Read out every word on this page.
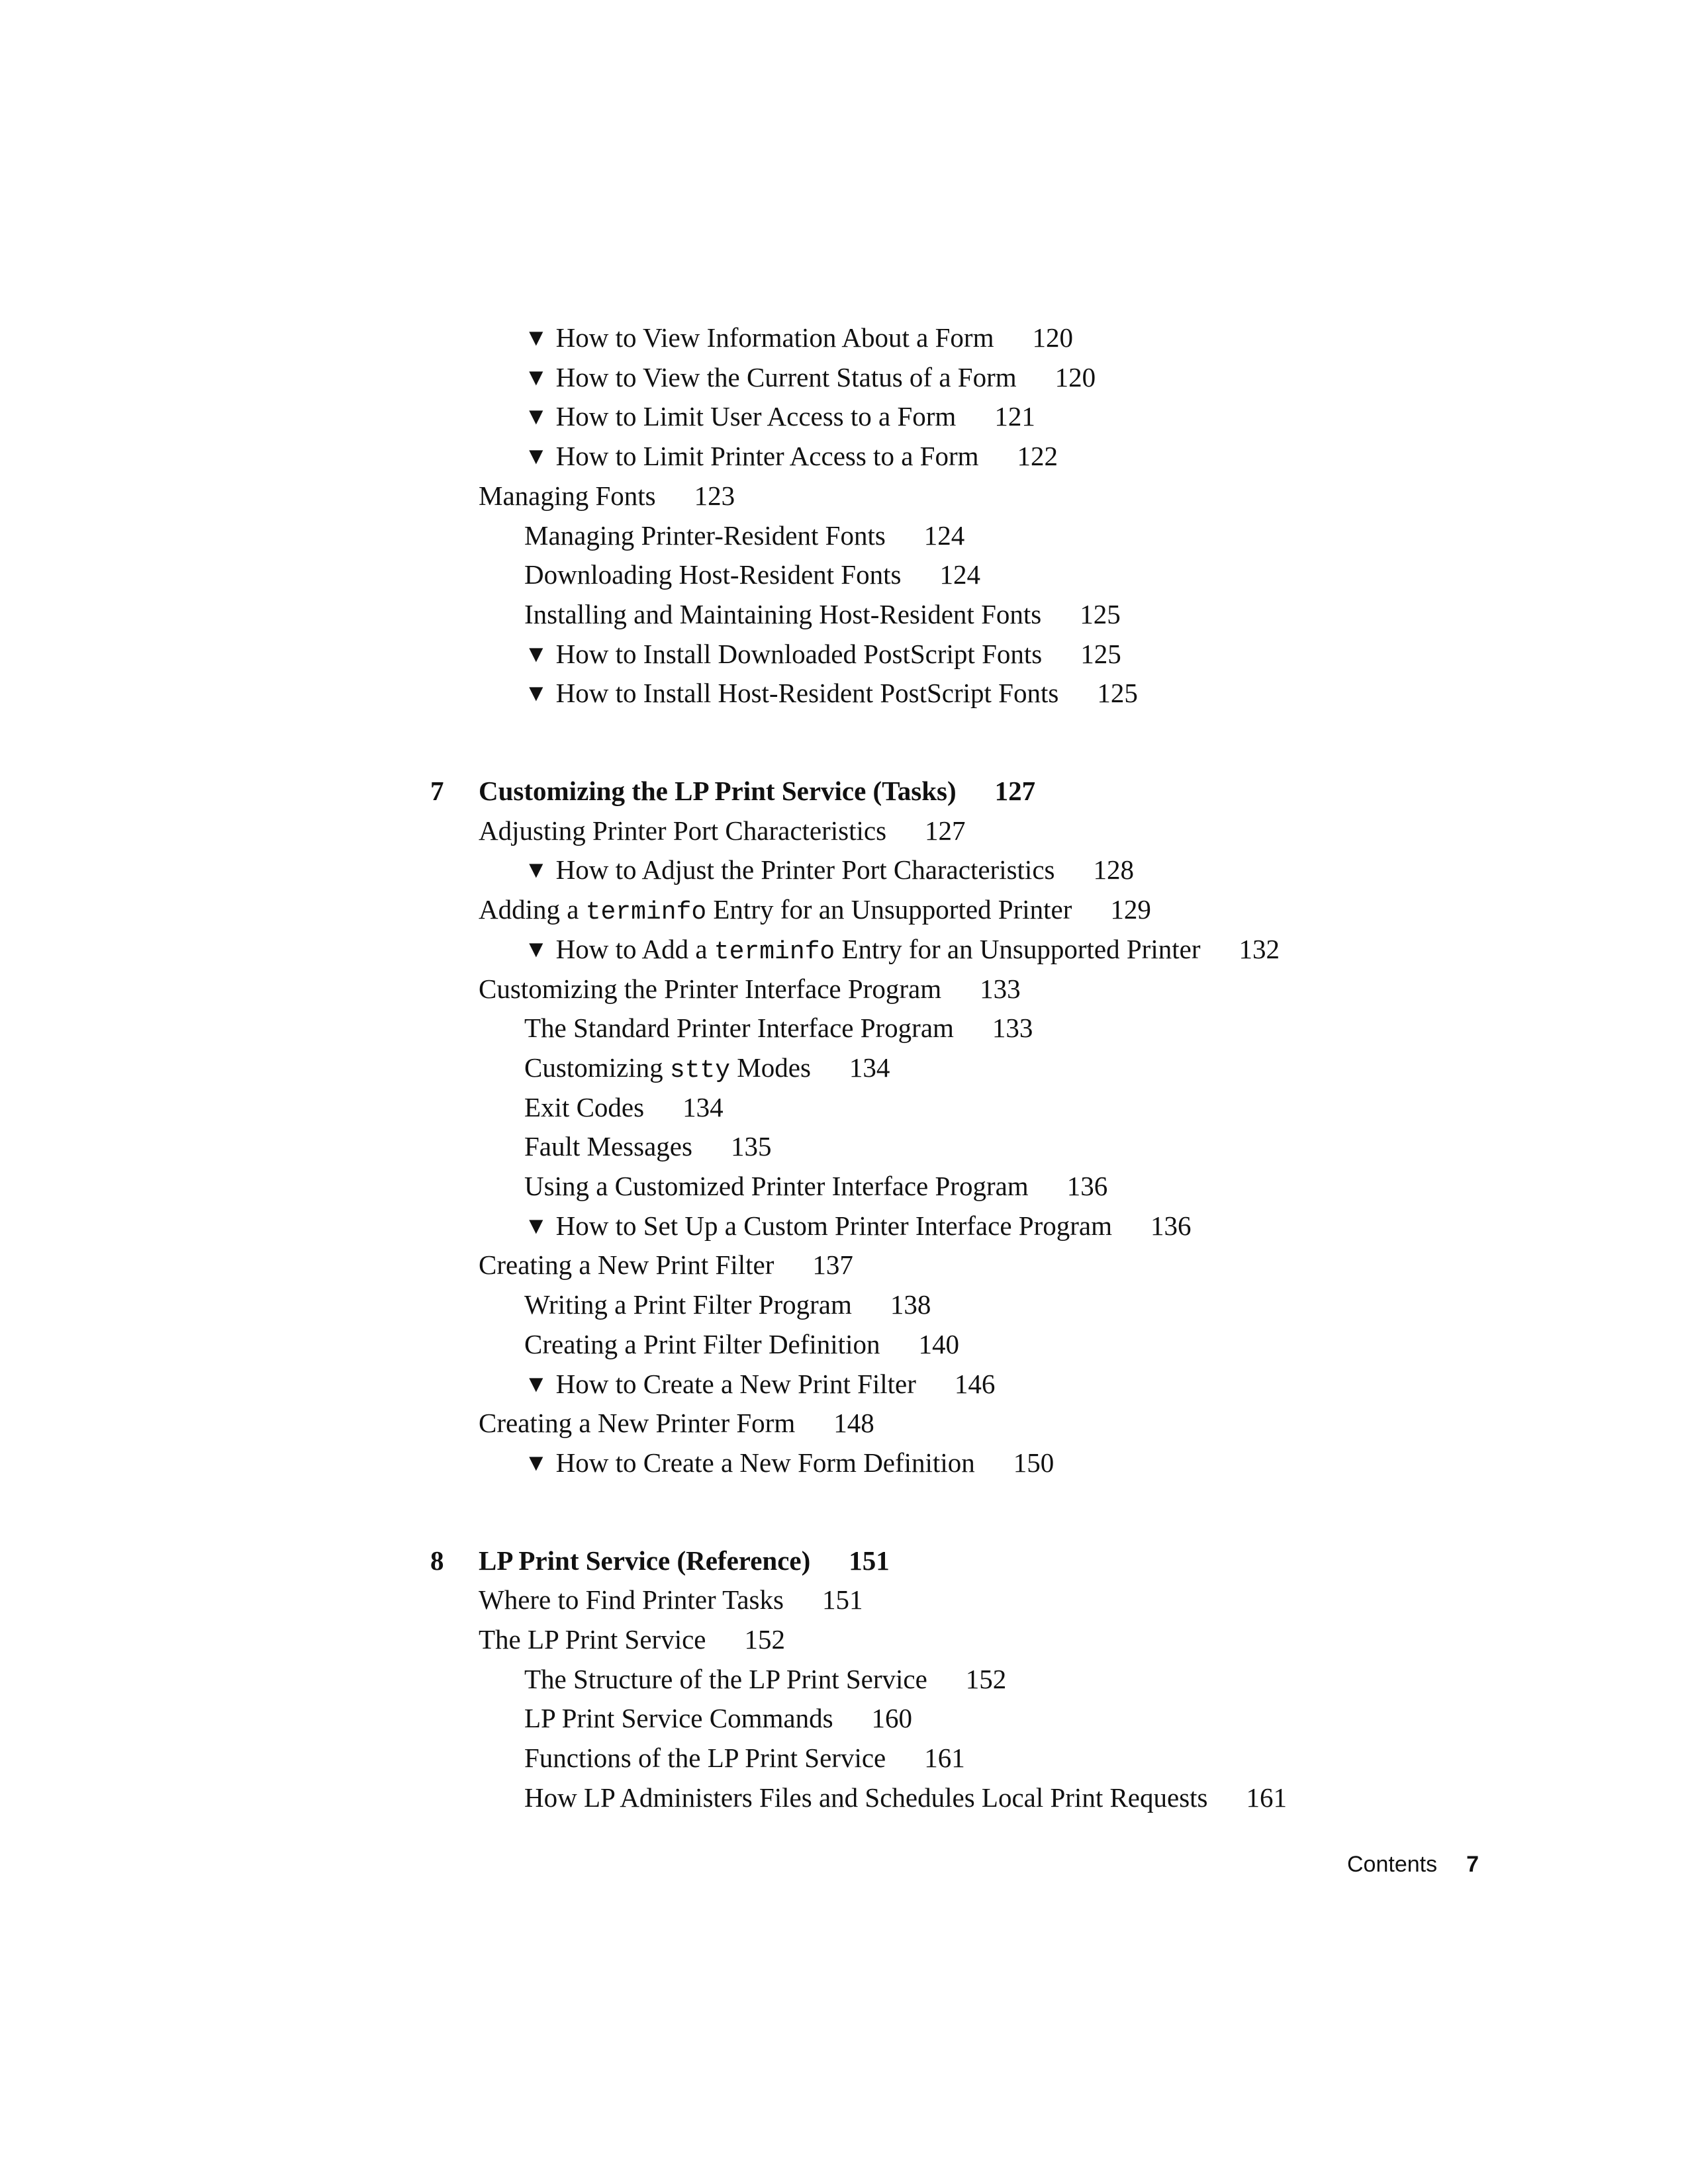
▼ How to View Information About a Form 120
▼ How to View the Current Status of a Form 120
▼ How to Limit User Access to a Form 121
▼ How to Limit Printer Access to a Form 122
Managing Fonts 123
Managing Printer-Resident Fonts 124
Downloading Host-Resident Fonts 124
Installing and Maintaining Host-Resident Fonts 125
▼ How to Install Downloaded PostScript Fonts 125
▼ How to Install Host-Resident PostScript Fonts 125
7 Customizing the LP Print Service (Tasks) 127
Adjusting Printer Port Characteristics 127
▼ How to Adjust the Printer Port Characteristics 128
Adding a terminfo Entry for an Unsupported Printer 129
▼ How to Add a terminfo Entry for an Unsupported Printer 132
Customizing the Printer Interface Program 133
The Standard Printer Interface Program 133
Customizing stty Modes 134
Exit Codes 134
Fault Messages 135
Using a Customized Printer Interface Program 136
▼ How to Set Up a Custom Printer Interface Program 136
Creating a New Print Filter 137
Writing a Print Filter Program 138
Creating a Print Filter Definition 140
▼ How to Create a New Print Filter 146
Creating a New Printer Form 148
▼ How to Create a New Form Definition 150
8 LP Print Service (Reference) 151
Where to Find Printer Tasks 151
The LP Print Service 152
The Structure of the LP Print Service 152
LP Print Service Commands 160
Functions of the LP Print Service 161
How LP Administers Files and Schedules Local Print Requests 161
Contents 7
